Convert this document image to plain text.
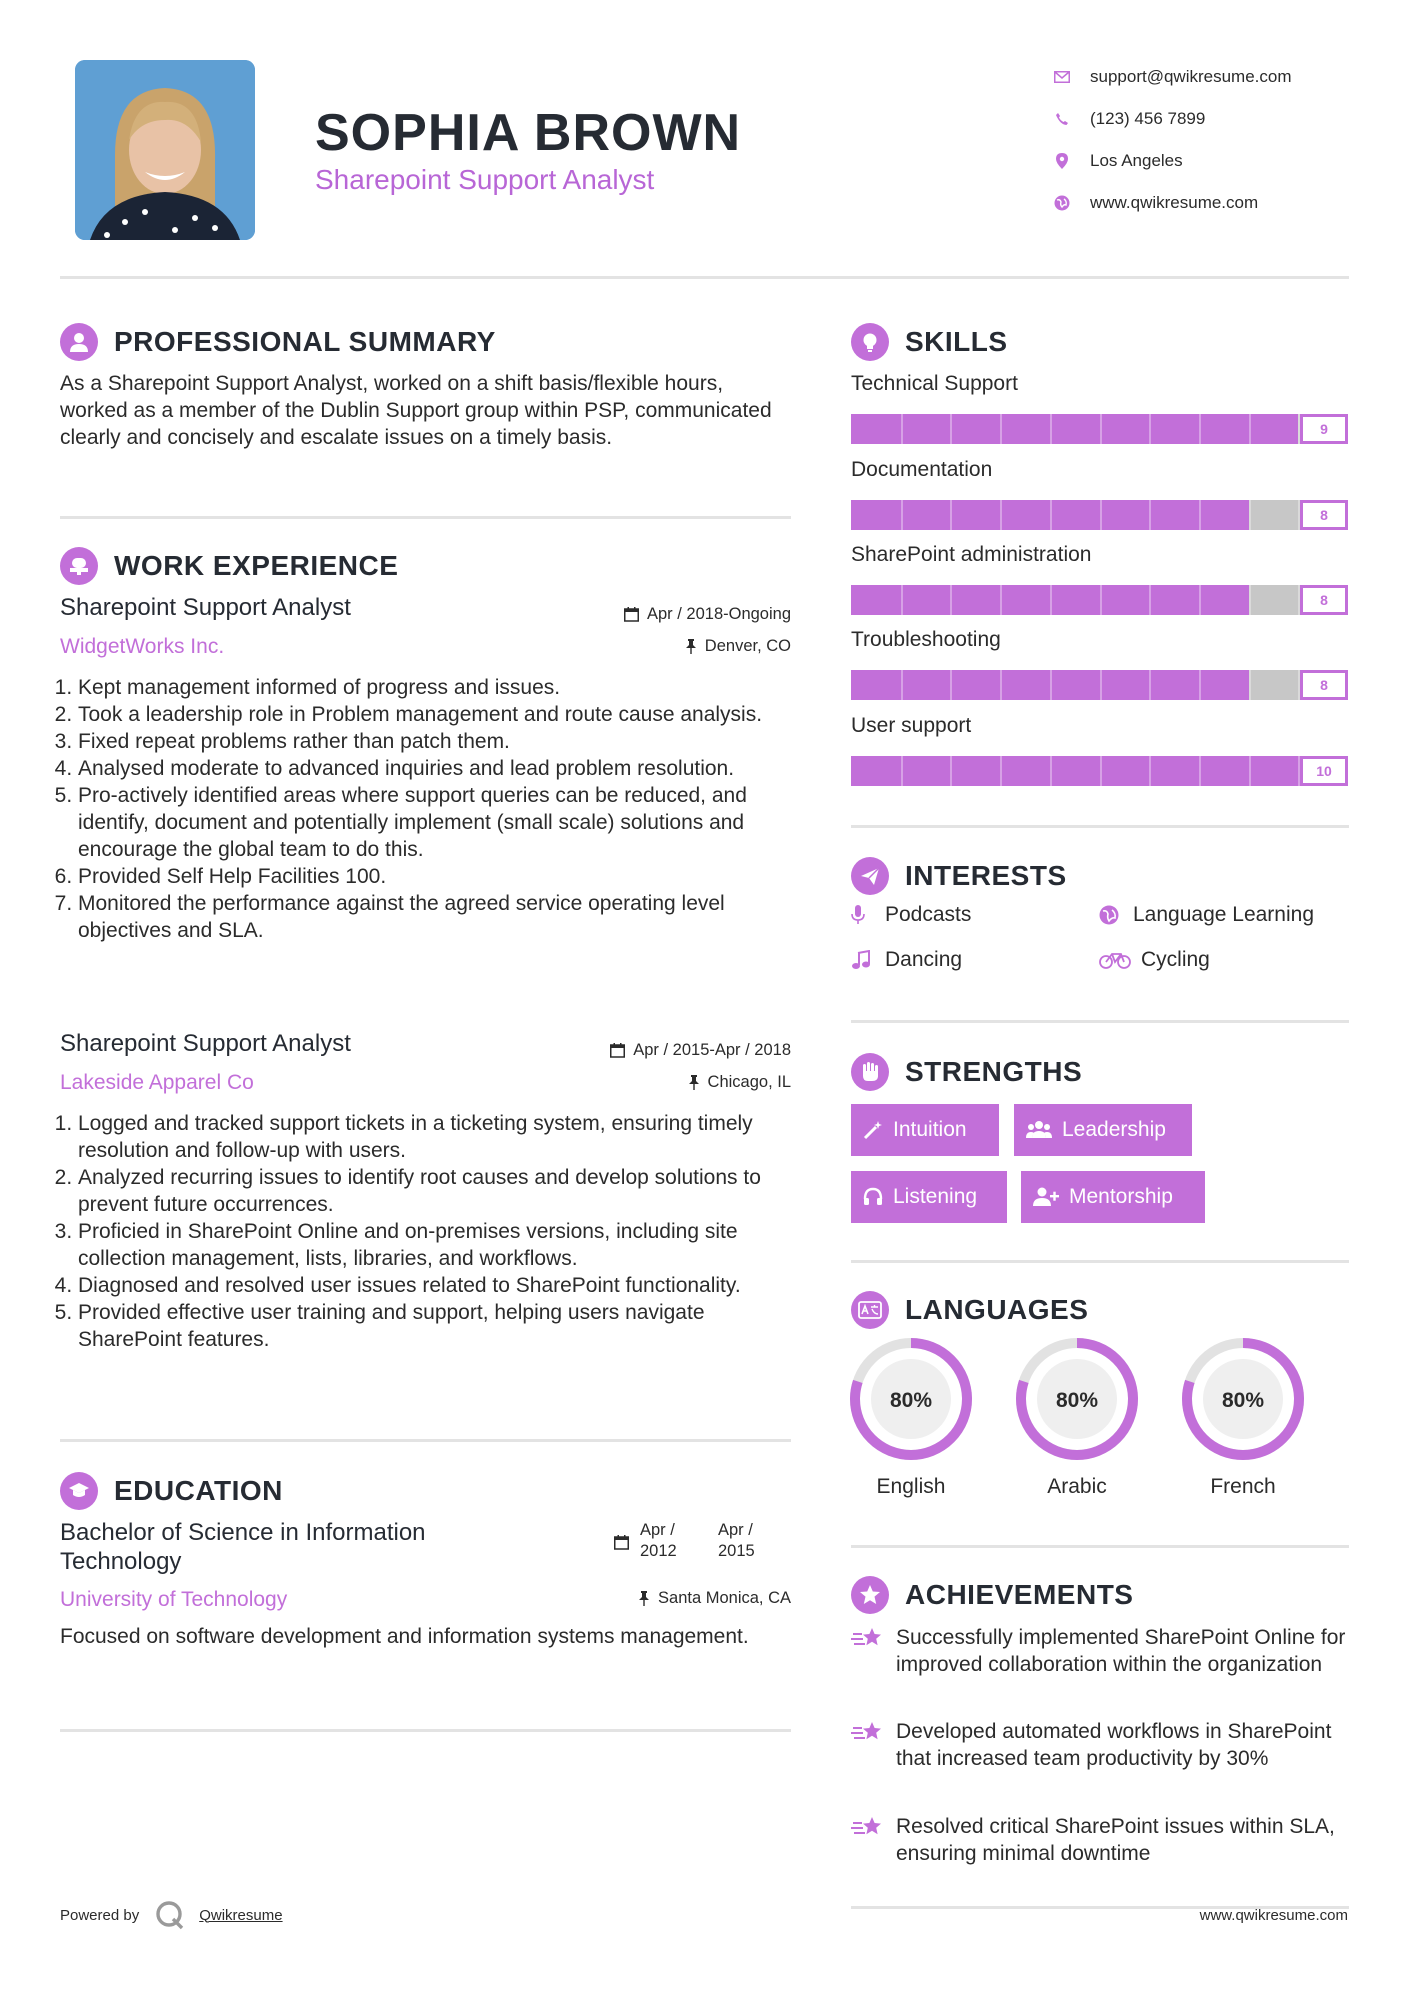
SOPHIA BROWN
Sharepoint Support Analyst
support@qwikresume.com
(123) 456 7899
Los Angeles
www.qwikresume.com
PROFESSIONAL SUMMARY
As a Sharepoint Support Analyst, worked on a shift basis/flexible hours, worked as a member of the Dublin Support group within PSP, communicated clearly and concisely and escalate issues on a timely basis.
WORK EXPERIENCE
Sharepoint Support Analyst	Apr / 2018-Ongoing
WidgetWorks Inc.	Denver, CO
1. Kept management informed of progress and issues.
2. Took a leadership role in Problem management and route cause analysis.
3. Fixed repeat problems rather than patch them.
4. Analysed moderate to advanced inquiries and lead problem resolution.
5. Pro-actively identified areas where support queries can be reduced, and identify, document and potentially implement (small scale) solutions and encourage the global team to do this.
6. Provided Self Help Facilities 100.
7. Monitored the performance against the agreed service operating level objectives and SLA.
Sharepoint Support Analyst	Apr / 2015-Apr / 2018
Lakeside Apparel Co	Chicago, IL
1. Logged and tracked support tickets in a ticketing system, ensuring timely resolution and follow-up with users.
2. Analyzed recurring issues to identify root causes and develop solutions to prevent future occurrences.
3. Proficied in SharePoint Online and on-premises versions, including site collection management, lists, libraries, and workflows.
4. Diagnosed and resolved user issues related to SharePoint functionality.
5. Provided effective user training and support, helping users navigate SharePoint features.
EDUCATION
Bachelor of Science in Information Technology
Apr /
2012
Apr /
2015
University of Technology	Santa Monica, CA
Focused on software development and information systems management.
SKILLS
Technical Support
9
Documentation
8
SharePoint administration
8
Troubleshooting
8
User support
10
INTERESTS
Podcasts	Language Learning
Dancing	Cycling
STRENGTHS
Intuition	Leadership
Listening	Mentorship
LANGUAGES
80%
English
80%
Arabic
80%
French
ACHIEVEMENTS
Successfully implemented SharePoint Online for improved collaboration within the organization
Developed automated workflows in SharePoint that increased team productivity by 30%
Resolved critical SharePoint issues within SLA, ensuring minimal downtime
Powered by	Qwikresume	www.qwikresume.com
